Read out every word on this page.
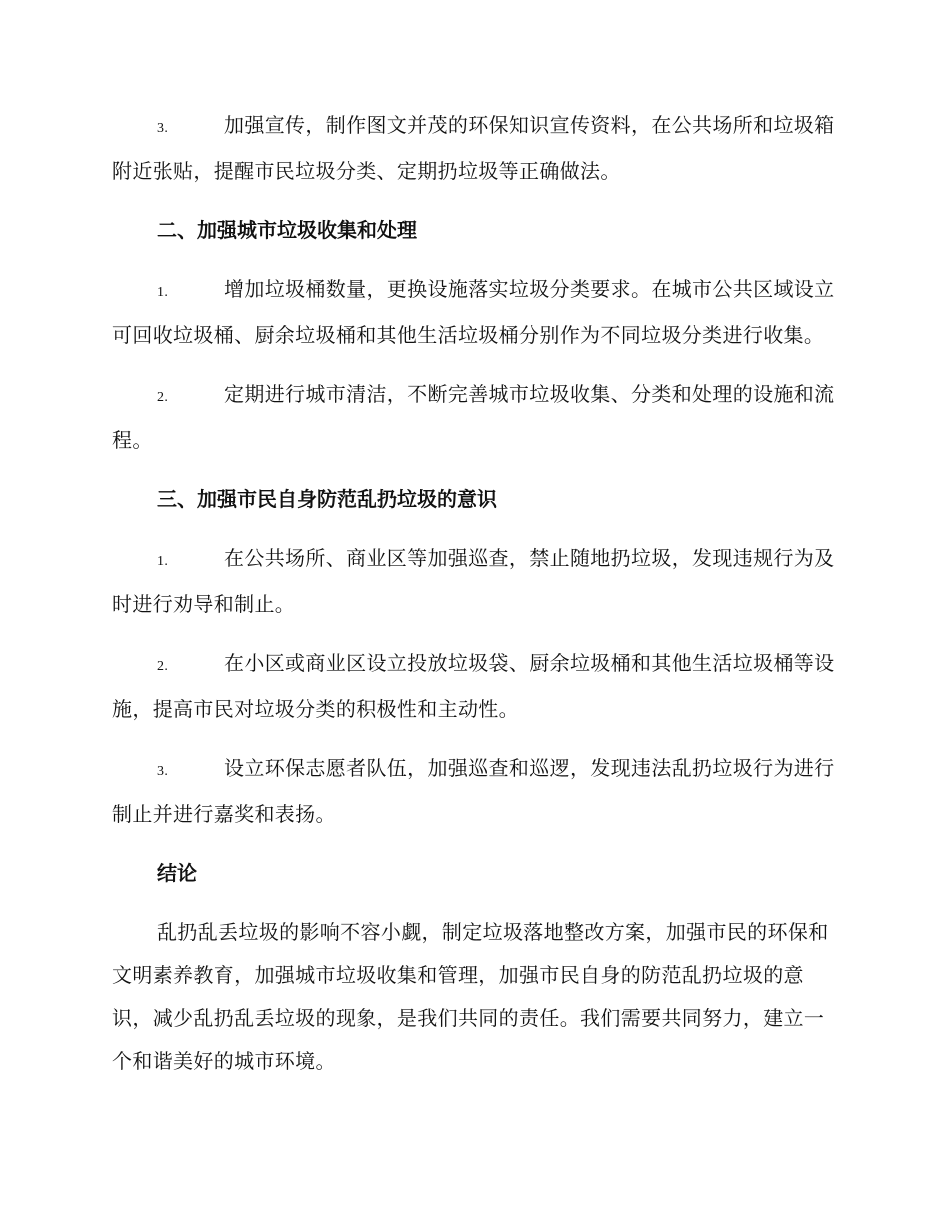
3.	加强宣传，制作图文并茂的环保知识宣传资料，在公共场所和垃圾箱附近张贴，提醒市民垃圾分类、定期扔垃圾等正确做法。

二、加强城市垃圾收集和处理

1.	增加垃圾桶数量，更换设施落实垃圾分类要求。在城市公共区域设立可回收垃圾桶、厨余垃圾桶和其他生活垃圾桶分别作为不同垃圾分类进行收集。

2.	定期进行城市清洁，不断完善城市垃圾收集、分类和处理的设施和流程。

三、加强市民自身防范乱扔垃圾的意识

1.	在公共场所、商业区等加强巡查，禁止随地扔垃圾，发现违规行为及时进行劝导和制止。

2.	在小区或商业区设立投放垃圾袋、厨余垃圾桶和其他生活垃圾桶等设施，提高市民对垃圾分类的积极性和主动性。

3.	设立环保志愿者队伍，加强巡查和巡逻，发现违法乱扔垃圾行为进行制止并进行嘉奖和表扬。

结论

乱扔乱丢垃圾的影响不容小觑，制定垃圾落地整改方案，加强市民的环保和文明素养教育，加强城市垃圾收集和管理，加强市民自身的防范乱扔垃圾的意识，减少乱扔乱丢垃圾的现象，是我们共同的责任。我们需要共同努力，建立一个和谐美好的城市环境。
